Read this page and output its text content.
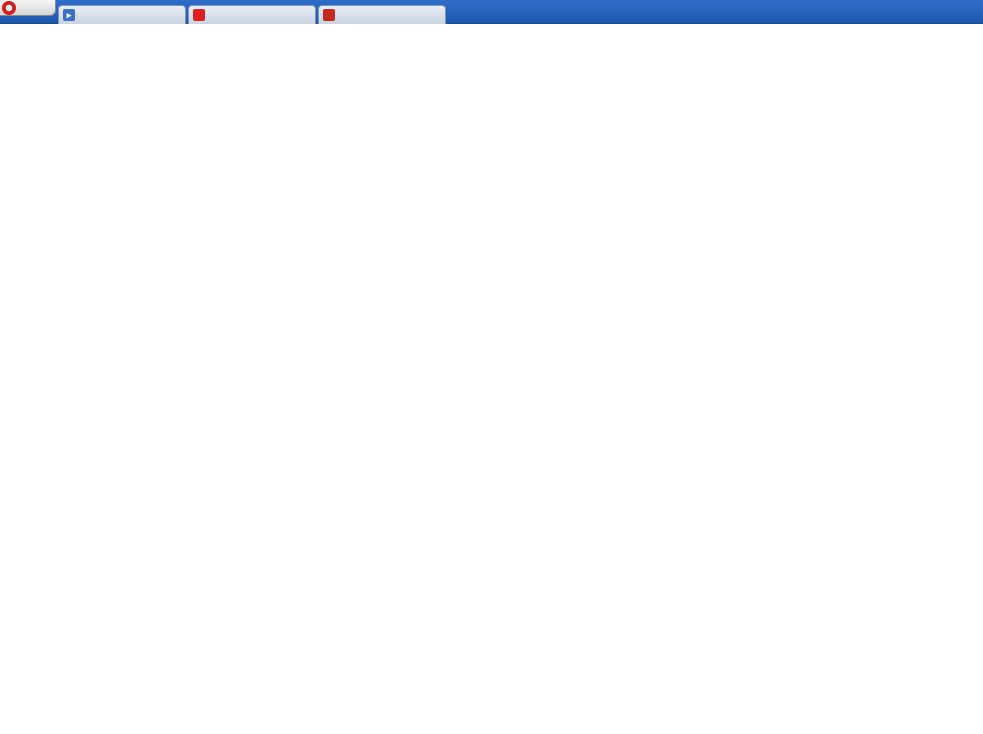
▸
